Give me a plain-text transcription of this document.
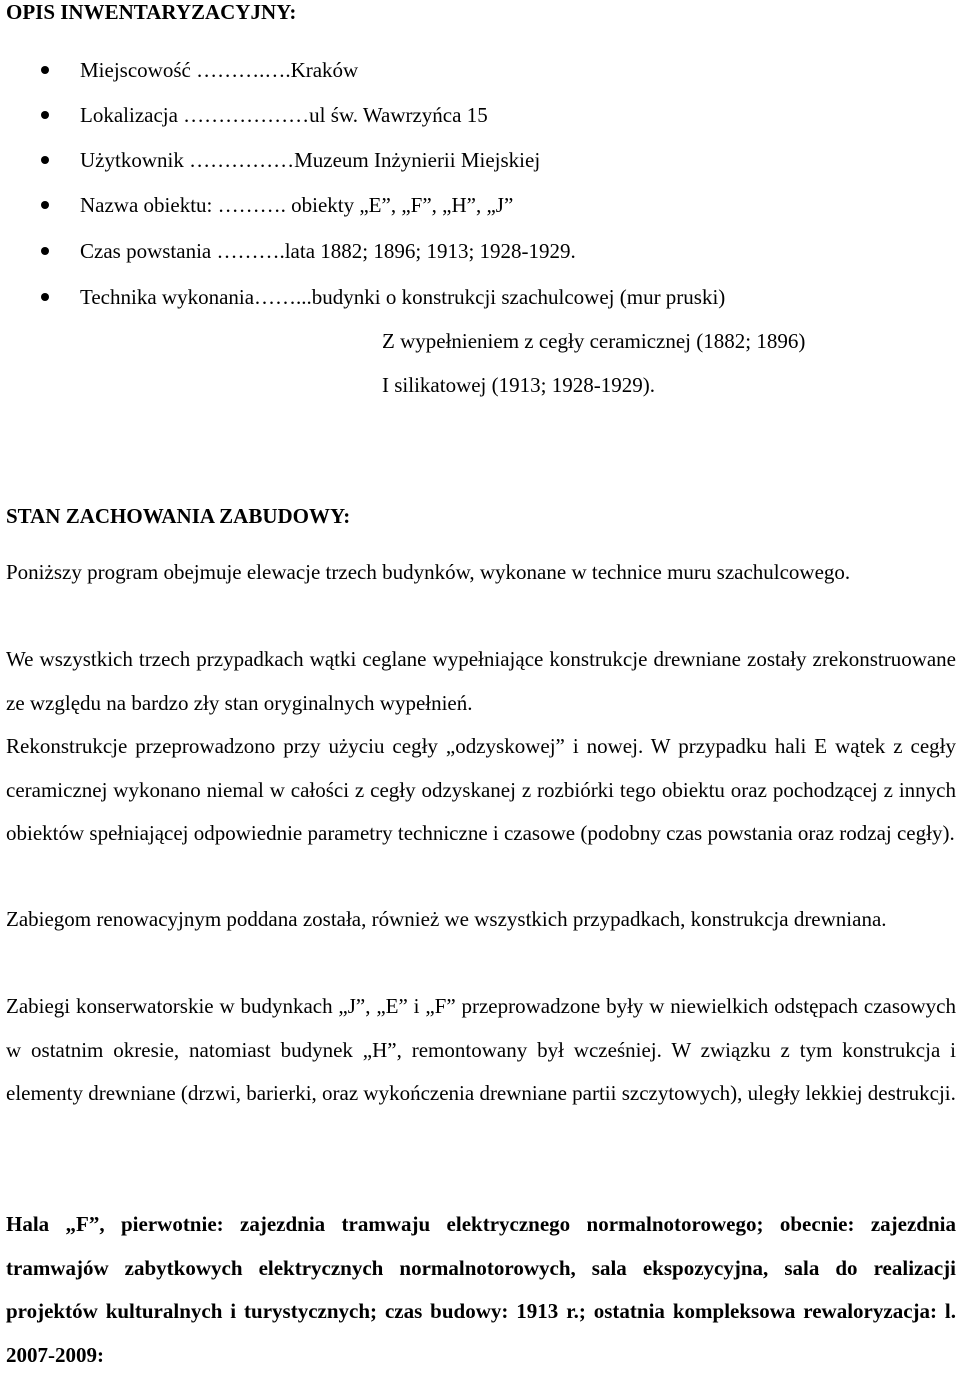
OPIS INWENTARYZACYJNY:
Miejscowość ……….….Kraków
Lokalizacja ………………ul św. Wawrzyńca 15
Użytkownik ……………Muzeum Inżynierii Miejskiej
Nazwa obiektu: ………. obiekty „E”, „F”, „H”, „J”
Czas powstania ……….lata 1882; 1896; 1913; 1928-1929.
Technika wykonania……...budynki o konstrukcji szachulcowej (mur pruski)
Z wypełnieniem z cegły ceramicznej (1882; 1896)
I silikatowej (1913; 1928-1929).
STAN ZACHOWANIA ZABUDOWY:

Poniższy program obejmuje elewacje trzech budynków, wykonane w technice muru szachulcowego.

We wszystkich trzech przypadkach wątki ceglane wypełniające konstrukcje drewniane zostały zrekonstruowane ze względu na bardzo zły stan oryginalnych wypełnień.

Rekonstrukcje przeprowadzono przy użyciu cegły „odzyskowej” i nowej. W przypadku hali E wątek z cegły ceramicznej wykonano niemal w całości z cegły odzyskanej z rozbiórki tego obiektu oraz pochodzącej z innych obiektów spełniającej odpowiednie parametry techniczne i czasowe (podobny czas powstania oraz rodzaj cegły).

Zabiegom renowacyjnym poddana została, również we wszystkich przypadkach, konstrukcja drewniana.

Zabiegi konserwatorskie w budynkach „J”, „E” i „F” przeprowadzone były w niewielkich odstępach czasowych w ostatnim okresie, natomiast budynek „H”, remontowany był wcześniej. W związku z tym konstrukcja i elementy drewniane (drzwi, barierki, oraz wykończenia drewniane partii szczytowych), uległy lekkiej destrukcji.

Hala „F”, pierwotnie: zajezdnia tramwaju elektrycznego normalnotorowego; obecnie: zajezdnia tramwajów zabytkowych elektrycznych normalnotorowych, sala ekspozycyjna, sala do realizacji projektów kulturalnych i turystycznych; czas budowy: 1913 r.; ostatnia kompleksowa rewaloryzacja: l. 2007-2009:
